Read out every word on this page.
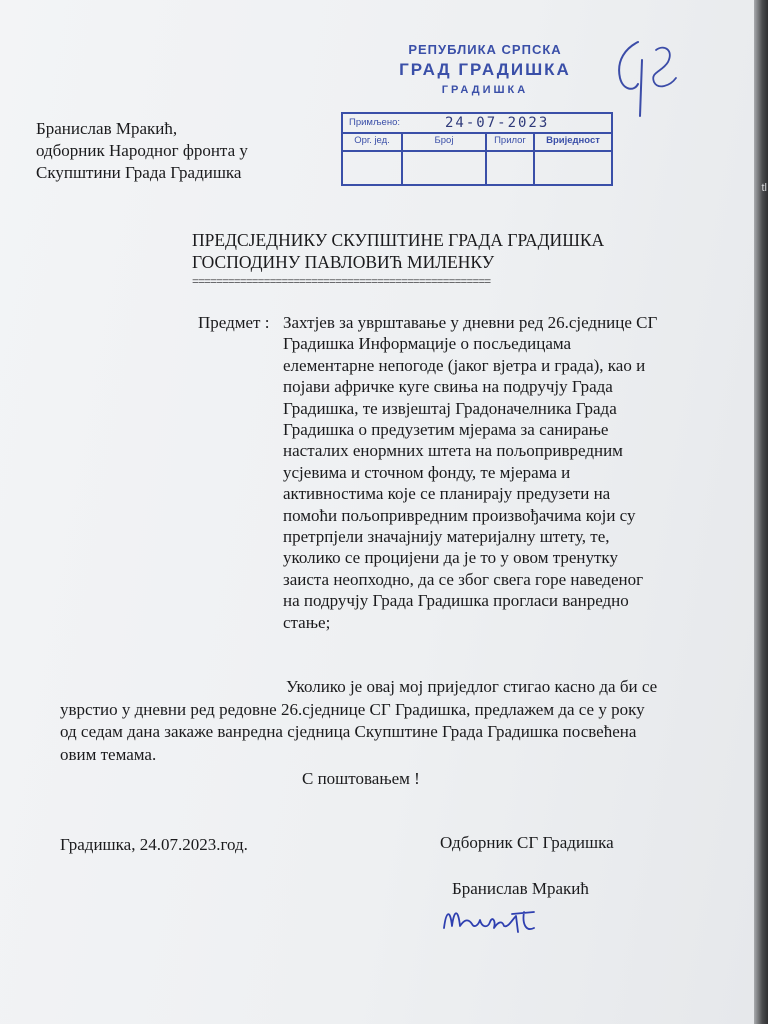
Бранислав Мракић,
одборник Народног фронта у
Скупштини Града Градишка
РЕПУБЛИКА СРПСКА
ГРАД ГРАДИШКА
ГРАДИШКА
Примљено:	24-07-2023
Орг. јед.	Број	Прилог	Вриједност
ПРЕДСЈЕДНИКУ СКУПШТИНЕ ГРАДА ГРАДИШКА
ГОСПОДИНУ ПАВЛОВИЋ МИЛЕНКУ
==================================================
Предмет : Захтјев за уврштавање у дневни ред 26.сједнице СГ
Градишка Информације о посљедицама
елементарне непогоде (јаког вјетра и града), као и
појави афричке куге свиња на подручју Града
Градишка, те извјештај Градоначелника Града
Градишка о предузетим мјерама за санирање
насталих енормних штета на пољопривредним
усјевима и сточном фонду, те мјерама и
активностима које се планирају предузети на
помоћи пољопривредним произвођачима који су
претрпјели значајнију материјалну штету, те,
уколико се процијени да је то у овом тренутку
заиста неопходно, да се због свега горе наведеног
на подручју Града Градишка прогласи ванредно
стање;
Уколико је овај мој приједлог стигао касно да би се
уврстио у дневни ред редовне 26.сједнице СГ Градишка, предлажем да се у року
од седам дана закаже ванредна сједница Скупштине Града Градишка посвећена
овим темама.
С поштовањем !
Градишка, 24.07.2023.год.	Одборник СГ Градишка
Бранислав Мракић
tl
